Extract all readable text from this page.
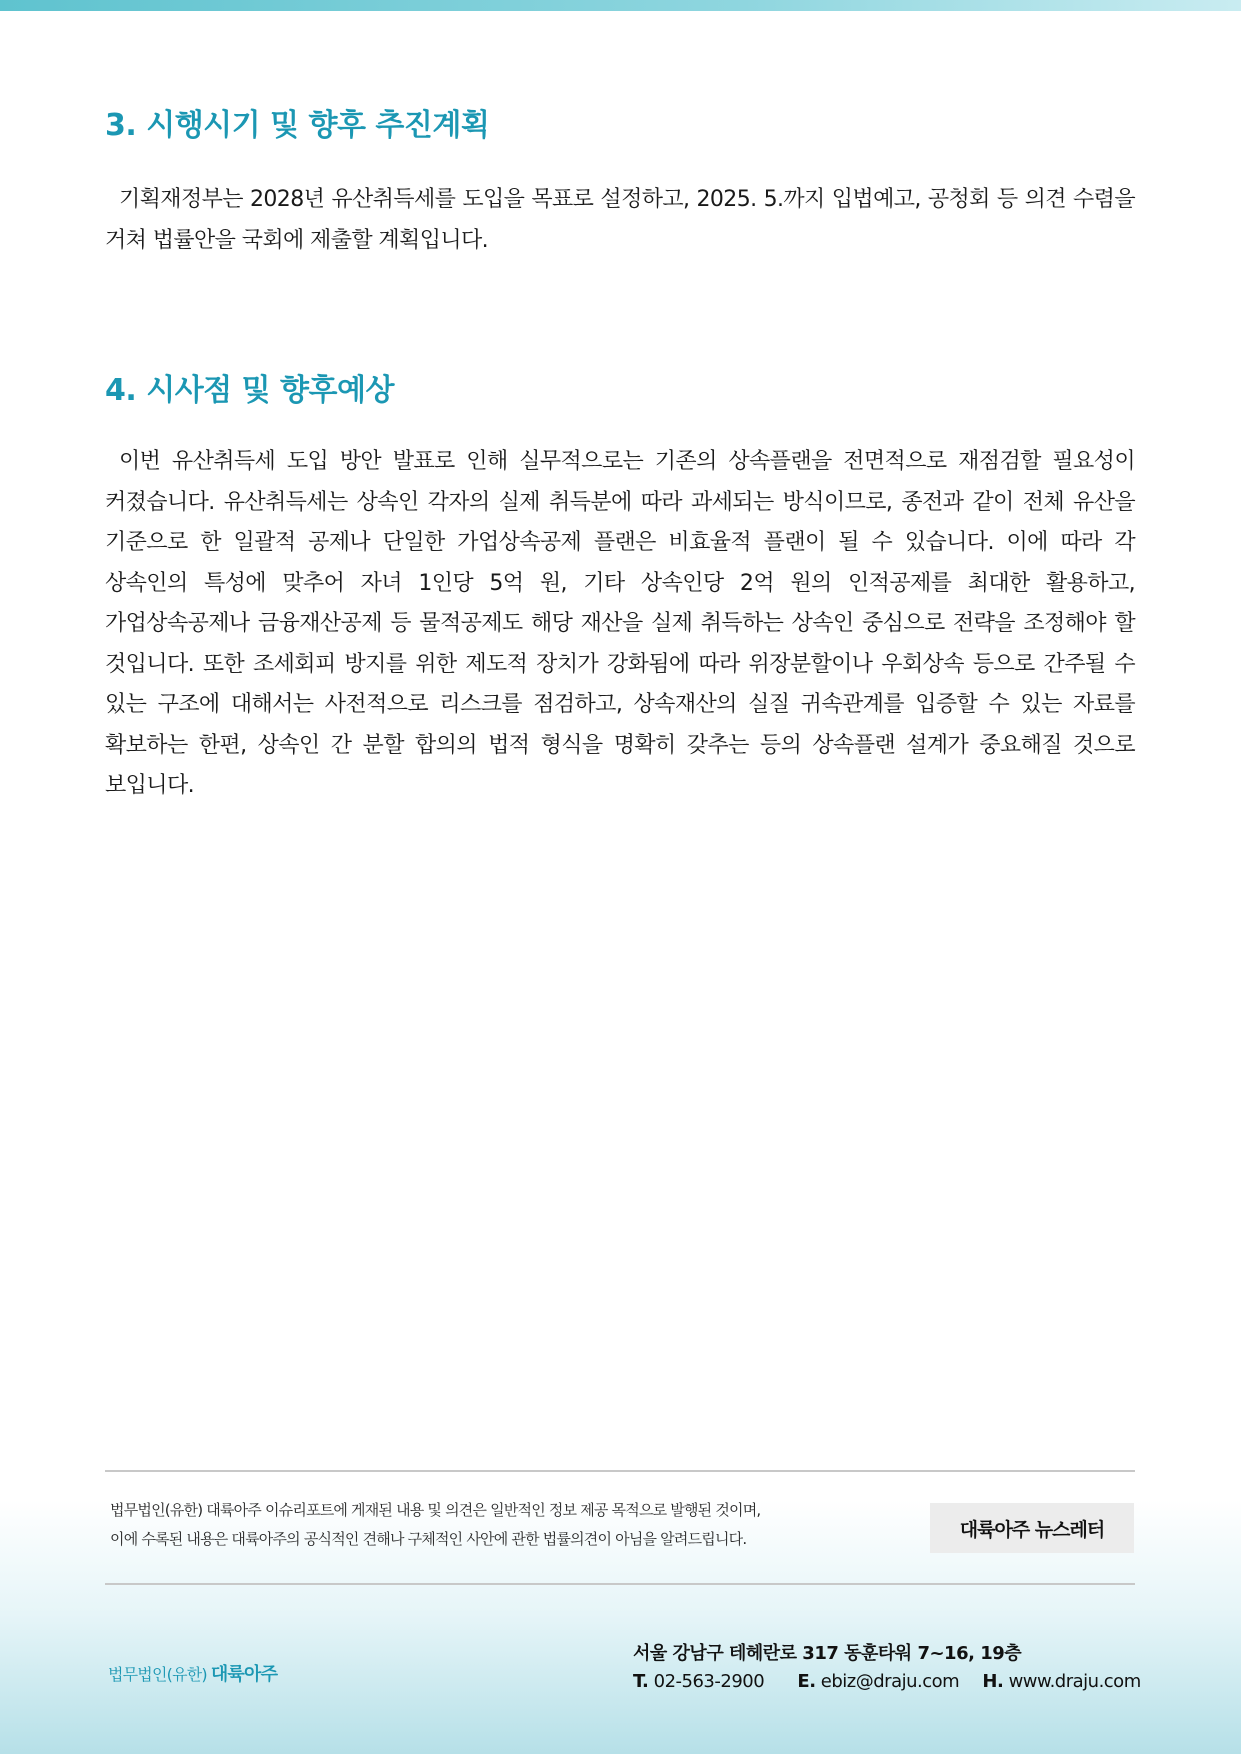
3. 시행시기 및 향후 추진계획

기획재정부는 2028년 유산취득세를 도입을 목표로 설정하고, 2025. 5.까지 입법예고, 공청회 등 의견 수렴을 거쳐 법률안을 국회에 제출할 계획입니다.

4. 시사점 및 향후예상

이번 유산취득세 도입 방안 발표로 인해 실무적으로는 기존의 상속플랜을 전면적으로 재점검할 필요성이 커졌습니다. 유산취득세는 상속인 각자의 실제 취득분에 따라 과세되는 방식이므로, 종전과 같이 전체 유산을 기준으로 한 일괄적 공제나 단일한 가업상속공제 플랜은 비효율적 플랜이 될 수 있습니다. 이에 따라 각 상속인의 특성에 맞추어 자녀 1인당 5억 원, 기타 상속인당 2억 원의 인적공제를 최대한 활용하고, 가업상속공제나 금융재산공제 등 물적공제도 해당 재산을 실제 취득하는 상속인 중심으로 전략을 조정해야 할 것입니다. 또한 조세회피 방지를 위한 제도적 장치가 강화됨에 따라 위장분할이나 우회상속 등으로 간주될 수 있는 구조에 대해서는 사전적으로 리스크를 점검하고, 상속재산의 실질 귀속관계를 입증할 수 있는 자료를 확보하는 한편, 상속인 간 분할 합의의 법적 형식을 명확히 갖추는 등의 상속플랜 설계가 중요해질 것으로 보입니다.

법무법인(유한) 대륙아주 이슈리포트에 게재된 내용 및 의견은 일반적인 정보 제공 목적으로 발행된 것이며,
이에 수록된 내용은 대륙아주의 공식적인 견해나 구체적인 사안에 관한 법률의견이 아님을 알려드립니다.	대륙아주 뉴스레터
법무법인(유한) 대륙아주
서울 강남구 테헤란로 317 동훈타워 7~16, 19층
T. 02-563-2900 E. ebiz@draju.com H. www.draju.com
